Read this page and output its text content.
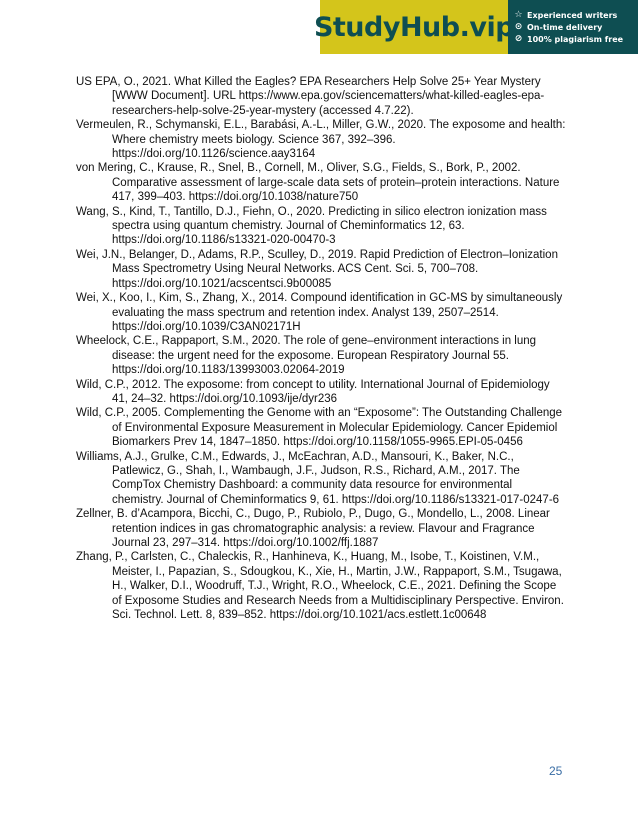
StudyHub.vip ☆ Experienced writers
⊙ On-time delivery
⊘ 100% plagiarism free

US EPA, O., 2021. What Killed the Eagles? EPA Researchers Help Solve 25+ Year Mystery [WWW Document]. URL https://www.epa.gov/sciencematters/what-killed-eagles-epa-researchers-help-solve-25-year-mystery (accessed 4.7.22).

Vermeulen, R., Schymanski, E.L., Barabási, A.-L., Miller, G.W., 2020. The exposome and health: Where chemistry meets biology. Science 367, 392–396. https://doi.org/10.1126/science.aay3164

von Mering, C., Krause, R., Snel, B., Cornell, M., Oliver, S.G., Fields, S., Bork, P., 2002. Comparative assessment of large-scale data sets of protein–protein interactions. Nature 417, 399–403. https://doi.org/10.1038/nature750

Wang, S., Kind, T., Tantillo, D.J., Fiehn, O., 2020. Predicting in silico electron ionization mass spectra using quantum chemistry. Journal of Cheminformatics 12, 63. https://doi.org/10.1186/s13321-020-00470-3

Wei, J.N., Belanger, D., Adams, R.P., Sculley, D., 2019. Rapid Prediction of Electron–Ionization Mass Spectrometry Using Neural Networks. ACS Cent. Sci. 5, 700–708. https://doi.org/10.1021/acscentsci.9b00085

Wei, X., Koo, I., Kim, S., Zhang, X., 2014. Compound identification in GC-MS by simultaneously evaluating the mass spectrum and retention index. Analyst 139, 2507–2514. https://doi.org/10.1039/C3AN02171H

Wheelock, C.E., Rappaport, S.M., 2020. The role of gene–environment interactions in lung disease: the urgent need for the exposome. European Respiratory Journal 55. https://doi.org/10.1183/13993003.02064-2019

Wild, C.P., 2012. The exposome: from concept to utility. International Journal of Epidemiology 41, 24–32. https://doi.org/10.1093/ije/dyr236

Wild, C.P., 2005. Complementing the Genome with an “Exposome”: The Outstanding Challenge of Environmental Exposure Measurement in Molecular Epidemiology. Cancer Epidemiol Biomarkers Prev 14, 1847–1850. https://doi.org/10.1158/1055-9965.EPI-05-0456

Williams, A.J., Grulke, C.M., Edwards, J., McEachran, A.D., Mansouri, K., Baker, N.C., Patlewicz, G., Shah, I., Wambaugh, J.F., Judson, R.S., Richard, A.M., 2017. The CompTox Chemistry Dashboard: a community data resource for environmental chemistry. Journal of Cheminformatics 9, 61. https://doi.org/10.1186/s13321-017-0247-6

Zellner, B. d’Acampora, Bicchi, C., Dugo, P., Rubiolo, P., Dugo, G., Mondello, L., 2008. Linear retention indices in gas chromatographic analysis: a review. Flavour and Fragrance Journal 23, 297–314. https://doi.org/10.1002/ffj.1887

Zhang, P., Carlsten, C., Chaleckis, R., Hanhineva, K., Huang, M., Isobe, T., Koistinen, V.M., Meister, I., Papazian, S., Sdougkou, K., Xie, H., Martin, J.W., Rappaport, S.M., Tsugawa, H., Walker, D.I., Woodruff, T.J., Wright, R.O., Wheelock, C.E., 2021. Defining the Scope of Exposome Studies and Research Needs from a Multidisciplinary Perspective. Environ. Sci. Technol. Lett. 8, 839–852. https://doi.org/10.1021/acs.estlett.1c00648

25
